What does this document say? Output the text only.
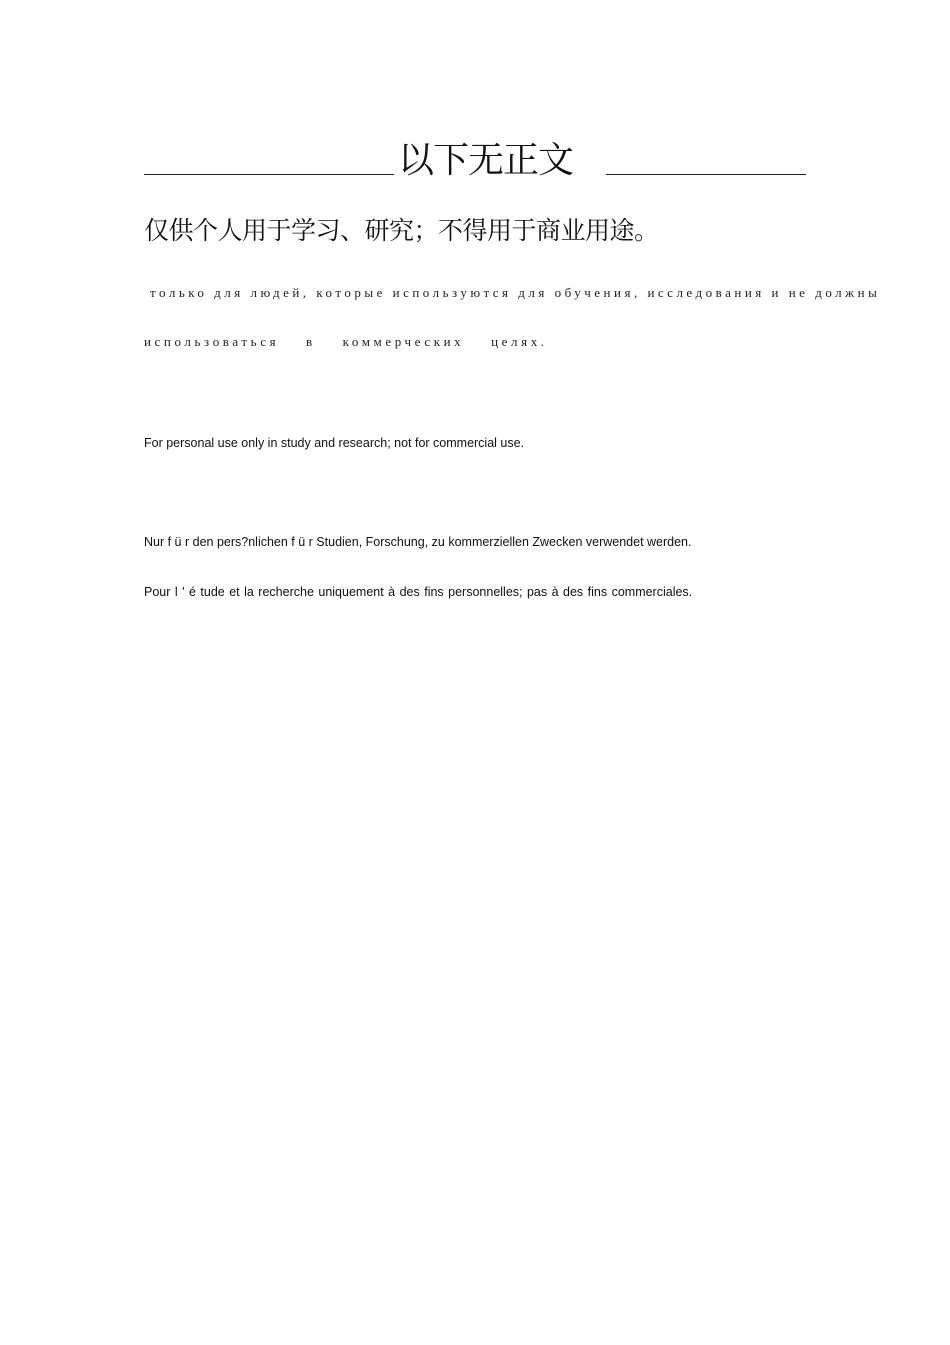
以下无正文
仅供个人用于学习、研究；不得用于商业用途。
только для людей, которые используются для обучения, исследования и не должны
использоваться в коммерческих целях.
For personal use only in study and research; not for commercial use.
Nur f ü r den pers?nlichen f ü r Studien, Forschung, zu kommerziellen Zwecken verwendet werden.
Pour l ' é tude et la recherche uniquement à des fins personnelles; pas à des fins commerciales.
